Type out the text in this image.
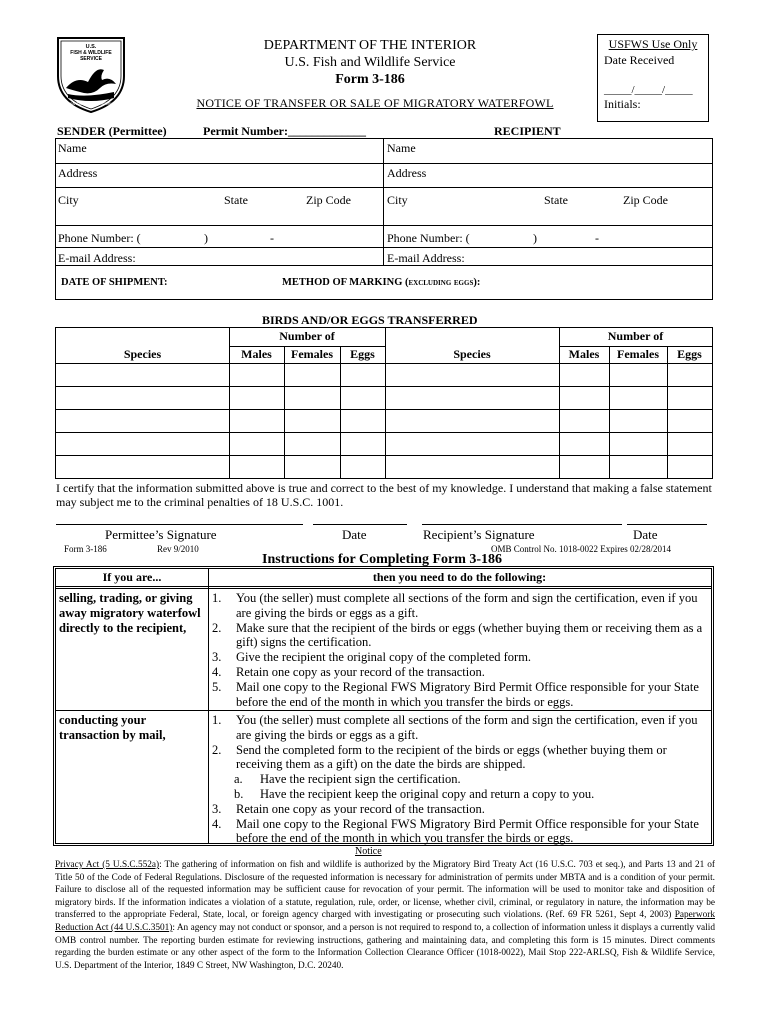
U.S.
FISH & WILDLIFE
SERVICE
DEPARTMENT OF THE INTERIOR
DEPARTMENT OF THE INTERIOR
U.S. Fish and Wildlife Service
Form 3-186
NOTICE OF TRANSFER OR SALE OF MIGRATORY WATERFOWL
USFWS Use Only
Date Received
_____/_____/_____
Initials:
SENDER (Permittee)	Permit Number:_____________	RECIPIENT
Name	Name
Address	Address
City	State	Zip Code	City	State	Zip Code
Phone Number: (	)	-	Phone Number: (	)	-
E-mail Address:	E-mail Address:
DATE OF SHIPMENT:	METHOD OF MARKING (excluding eggs):
BIRDS AND/OR EGGS TRANSFERRED
Number of	Number of
Species	Males	Females	Eggs	Species	Males	Females	Eggs
I certify that the information submitted above is true and correct to the best of my knowledge. I understand that making a false statement may subject me to the criminal penalties of 18 U.S.C. 1001.
Permittee’s Signature	Date	Recipient’s Signature	Date
Form 3-186	Rev 9/2010	OMB Control No. 1018-0022 Expires 02/28/2014
Instructions for Completing Form 3-186
If you are...	then you need to do the following:
selling, trading, or giving away migratory waterfowl directly to the recipient,
1. You (the seller) must complete all sections of the form and sign the certification, even if you are giving the birds or eggs as a gift.
2. Make sure that the recipient of the birds or eggs (whether buying them or receiving them as a gift) signs the certification.
3. Give the recipient the original copy of the completed form.
4. Retain one copy as your record of the transaction.
5. Mail one copy to the Regional FWS Migratory Bird Permit Office responsible for your State before the end of the month in which you transfer the birds or eggs.
conducting your transaction by mail,
1. You (the seller) must complete all sections of the form and sign the certification, even if you are giving the birds or eggs as a gift.
2. Send the completed form to the recipient of the birds or eggs (whether buying them or receiving them as a gift) on the date the birds are shipped.
a. Have the recipient sign the certification.
b. Have the recipient keep the original copy and return a copy to you.
3. Retain one copy as your record of the transaction.
4. Mail one copy to the Regional FWS Migratory Bird Permit Office responsible for your State before the end of the month in which you transfer the birds or eggs.
Notice
Privacy Act (5 U.S.C.552a): The gathering of information on fish and wildlife is authorized by the Migratory Bird Treaty Act (16 U.S.C. 703 et seq.), and Parts 13 and 21 of Title 50 of the Code of Federal Regulations. Disclosure of the requested information is necessary for administration of permits under MBTA and is a condition of your permit. Failure to disclose all of the requested information may be sufficient cause for revocation of your permit. The information will be used to monitor take and disposition of migratory birds. If the information indicates a violation of a statute, regulation, rule, order, or license, whether civil, criminal, or regulatory in nature, the information may be transferred to the appropriate Federal, State, local, or foreign agency charged with investigating or prosecuting such violations. (Ref. 69 FR 5261, Sept 4, 2003) Paperwork Reduction Act (44 U.S.C.3501): An agency may not conduct or sponsor, and a person is not required to respond to, a collection of information unless it displays a currently valid OMB control number. The reporting burden estimate for reviewing instructions, gathering and maintaining data, and completing this form is 15 minutes. Direct comments regarding the burden estimate or any other aspect of the form to the Information Collection Clearance Officer (1018-0022), Mail Stop 222-ARLSQ, Fish & Wildlife Service, U.S. Department of the Interior, 1849 C Street, NW Washington, D.C. 20240.
